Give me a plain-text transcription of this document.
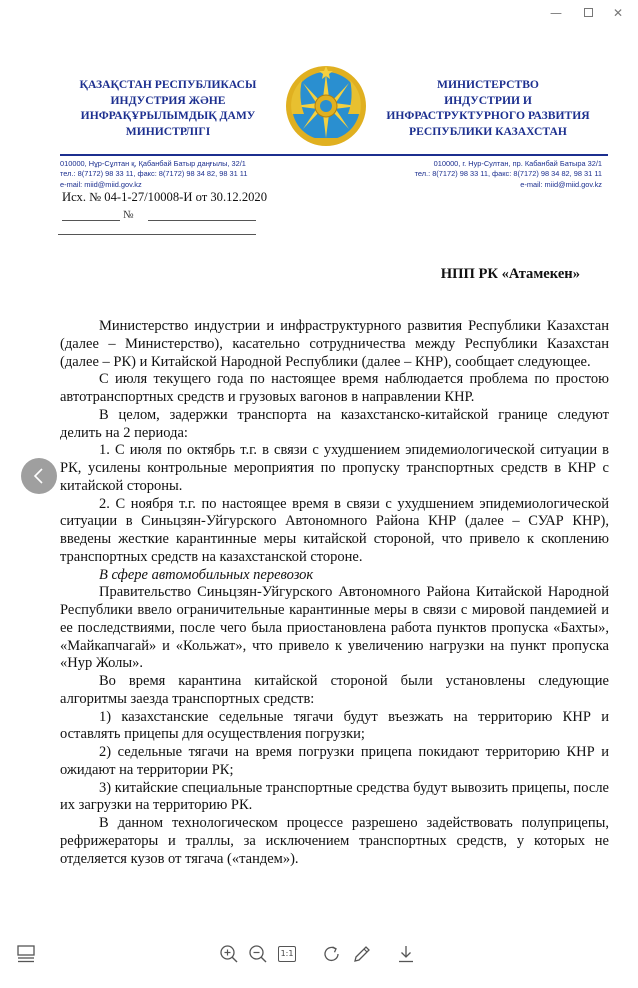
—	✕
ҚАЗАҚСТАН РЕСПУБЛИКАСЫ
ИНДУСТРИЯ ЖӘНЕ
ИНФРАҚҰРЫЛЫМДЫҚ ДАМУ
МИНИСТРЛІГІ
МИНИСТЕРСТВО
ИНДУСТРИИ И
ИНФРАСТРУКТУРНОГО РАЗВИТИЯ
РЕСПУБЛИКИ КАЗАХСТАН
010000, Нұр-Сұлтан қ, Қабанбай Батыр даңғылы, 32/1
тел.: 8(7172) 98 33 11, факс: 8(7172) 98 34 82, 98 31 11
e-mail: miid@miid.gov.kz
010000, г. Нур-Султан, пр. Кабанбай Батыра 32/1
тел.: 8(7172) 98 33 11, факс: 8(7172) 98 34 82, 98 31 11
e-mail: miid@miid.gov.kz
Исх. № 04-1-27/10008-И от 30.12.2020
№
НПП РК «Атамекен»

Министерство индустрии и инфраструктурного развития Республики Казахстан (далее – Министерство), касательно сотрудничества между Республики Казахстан (далее – РК) и Китайской Народной Республики (далее – КНР), сообщает следующее.

С июля текущего года по настоящее время наблюдается проблема по простою автотранспортных средств и грузовых вагонов в направлении КНР.

В целом, задержки транспорта на казахстанско-китайской границе следуют делить на 2 периода:

1. С июля по октябрь т.г. в связи с ухудшением эпидемиологической ситуации в РК, усилены контрольные мероприятия по пропуску транспортных средств в КНР с китайской стороны.

2. С ноября т.г. по настоящее время в связи с ухудшением эпидемиологической ситуации в Синьцзян-Уйгурского Автономного Района КНР (далее – СУАР КНР), введены жесткие карантинные меры китайской стороной, что привело к скоплению транспортных средств на казахстанской стороне.

В сфере автомобильных перевозок

Правительство Синьцзян-Уйгурского Автономного Района Китайской Народной Республики ввело ограничительные карантинные меры в связи с мировой пандемией и ее последствиями, после чего была приостановлена работа пунктов пропуска «Бахты», «Майкапчагай» и «Кольжат», что привело к увеличению нагрузки на пункт пропуска «Нур Жолы».

Во время карантина китайской стороной были установлены следующие алгоритмы заезда транспортных средств:

1) казахстанские седельные тягачи будут въезжать на территорию КНР и оставлять прицепы для осуществления погрузки;

2) седельные тягачи на время погрузки прицепа покидают территорию КНР и ожидают на территории РК;

3) китайские специальные транспортные средства будут вывозить прицепы, после их загрузки на территорию РК.

В данном технологическом процессе разрешено задействовать полуприцепы, рефрижераторы и траллы, за исключением транспортных средств, у которых не отделяется кузов от тягача («тандем»).

1:1
